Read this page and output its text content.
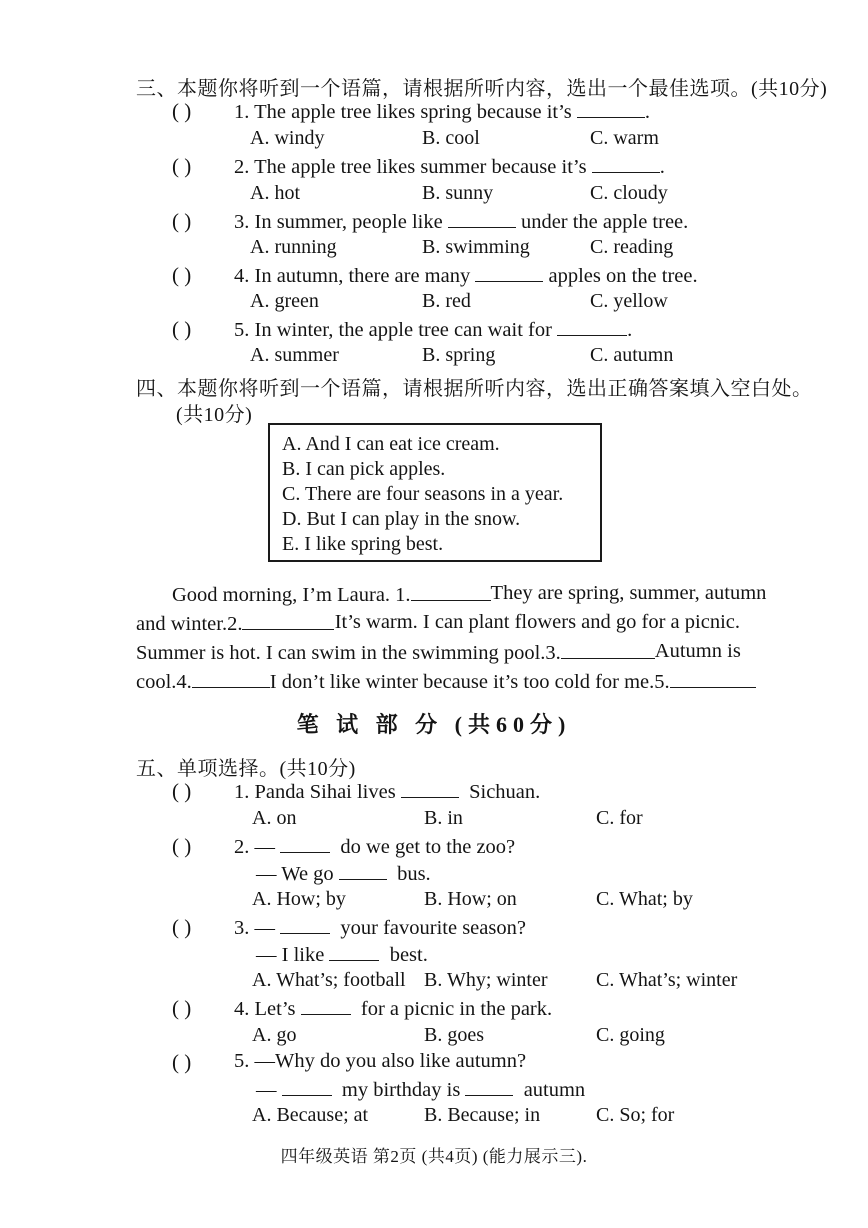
三、本题你将听到一个语篇，请根据所听内容，选出一个最佳选项。(共10分)
( ) 1. The apple tree likes spring because it’s	.
A. windy	B. cool	C. warm
( ) 2. The apple tree likes summer because it’s	.
A. hot	B. sunny	C. cloudy
( ) 3. In summer, people like	under the apple tree.
A. running	B. swimming	C. reading
( ) 4. In autumn, there are many	apples on the tree.
A. green	B. red	C. yellow
( ) 5. In winter, the apple tree can wait for	.
A. summer	B. spring	C. autumn
四、本题你将听到一个语篇，请根据所听内容，选出正确答案填入空白处。
(共10分)
A. And I can eat ice cream.
B. I can pick apples.
C. There are four seasons in a year.
D. But I can play in the snow.
E. I like spring best.
Good morning, I’m Laura. 1.	They are spring, summer, autumn
and winter.2.	It’s warm. I can plant flowers and go for a picnic.
Summer is hot. I can swim in the swimming pool.3.	Autumn is
cool.4.	I don’t like winter because it’s too cold for me.5.
笔 试 部 分 (共60分)
五、单项选择。(共10分)
( ) 1. Panda Sihai lives	Sichuan.
A. on	B. in	C. for
( ) 2. —	do we get to the zoo?
— We go	bus.
A. How; by	B. How; on	C. What; by
( ) 3. —	your favourite season?
— I like	best.
A. What’s; football B. Why; winter C. What’s; winter
( ) 4. Let’s	for a picnic in the park.
A. go	B. goes	C. going
( ) 5. —Why do you also like autumn?
—	my birthday is	autumn
A. Because; at	B. Because; in	C. So; for
四年级英语 第2页 (共4页) (能力展示三).
